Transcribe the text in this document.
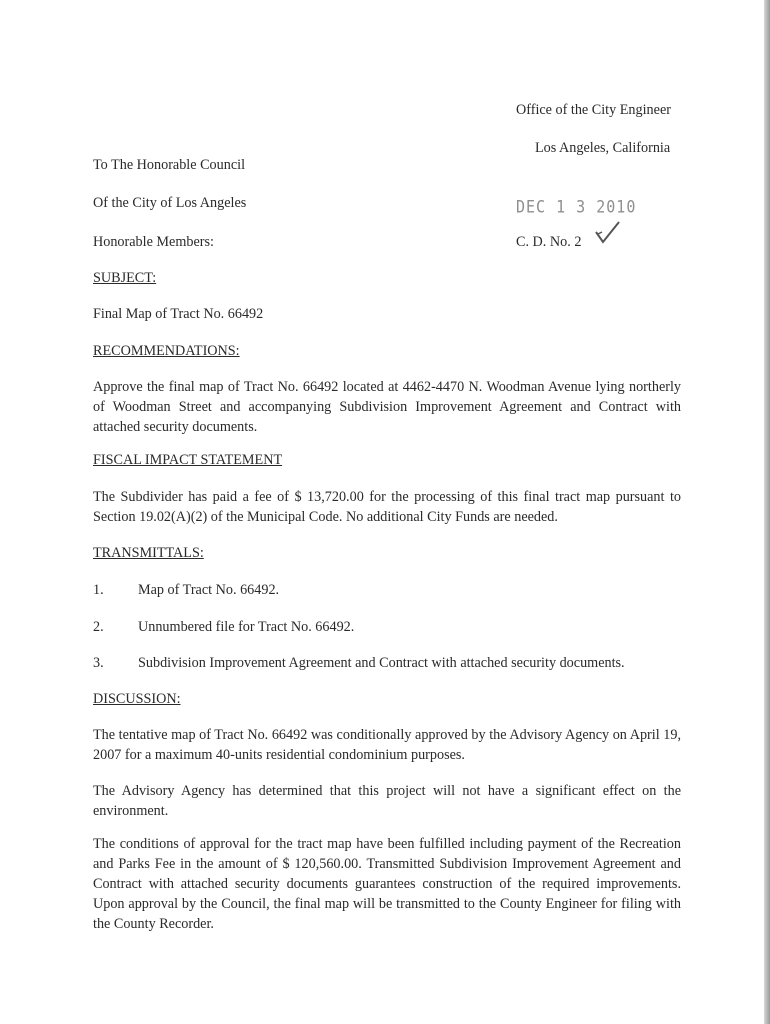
Office of the City Engineer
Los Angeles, California
DEC 1 3 2010
C. D. No. 2
To The Honorable Council
Of the City of Los Angeles
Honorable Members:
SUBJECT:
Final Map of Tract No. 66492
RECOMMENDATIONS:
Approve the final map of Tract No. 66492 located at 4462-4470 N. Woodman Avenue lying northerly of Woodman Street and accompanying Subdivision Improvement Agreement and Contract with attached security documents.
FISCAL IMPACT STATEMENT
The Subdivider has paid a fee of $ 13,720.00 for the processing of this final tract map pursuant to Section 19.02(A)(2) of the Municipal Code. No additional City Funds are needed.
TRANSMITTALS:
1. Map of Tract No. 66492.
2. Unnumbered file for Tract No. 66492.
3. Subdivision Improvement Agreement and Contract with attached security documents.
DISCUSSION:
The tentative map of Tract No. 66492 was conditionally approved by the Advisory Agency on April 19, 2007 for a maximum 40-units residential condominium purposes.
The Advisory Agency has determined that this project will not have a significant effect on the environment.
The conditions of approval for the tract map have been fulfilled including payment of the Recreation and Parks Fee in the amount of $ 120,560.00. Transmitted Subdivision Improvement Agreement and Contract with attached security documents guarantees construction of the required improvements. Upon approval by the Council, the final map will be transmitted to the County Engineer for filing with the County Recorder.
